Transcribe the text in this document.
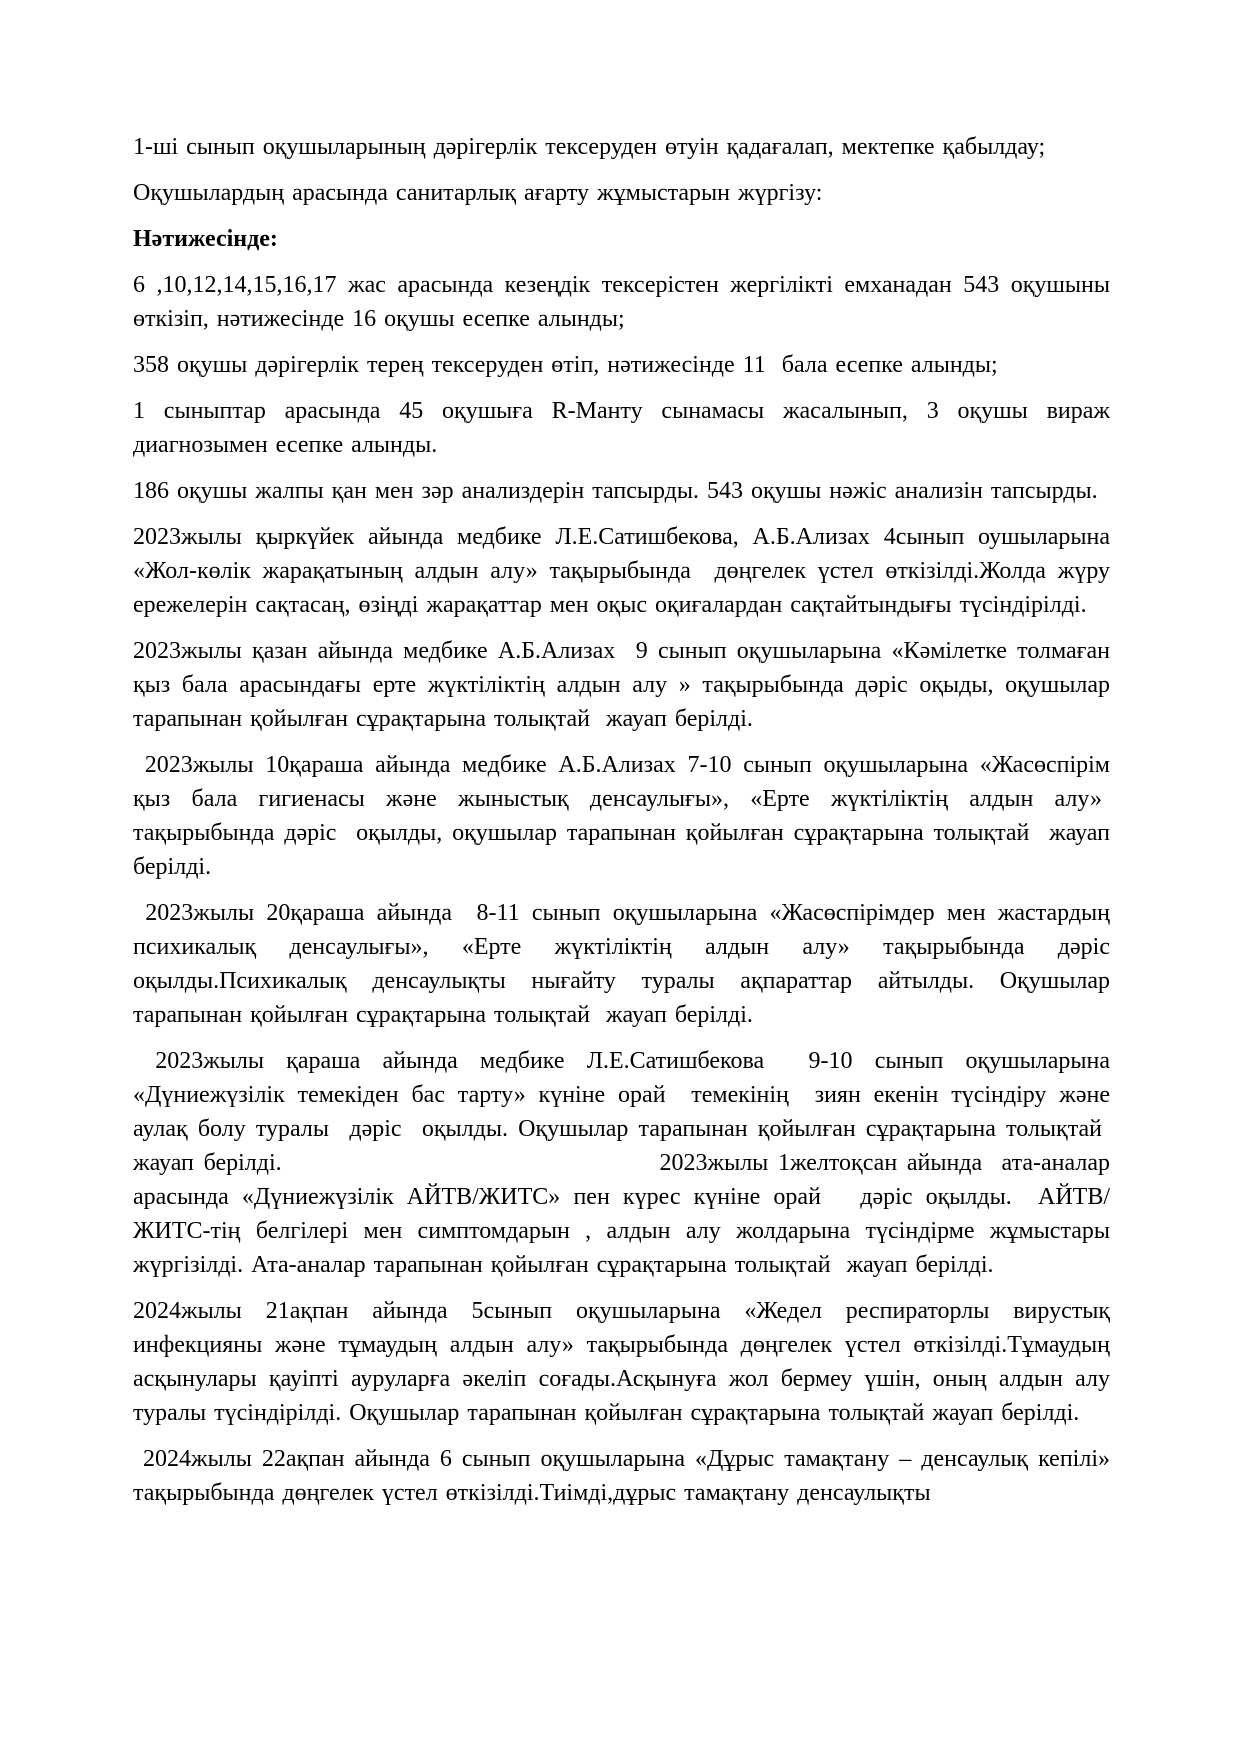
1-ші сынып оқушыларының дәрігерлік тексеруден өтуін қадағалап, мектепке қабылдау;

Оқушылардың арасында санитарлық ағарту жұмыстарын жүргізу:

Нәтижесінде:

6 ,10,12,14,15,16,17 жас арасында кезеңдік тексерістен жергілікті емханадан 543 оқушыны өткізіп, нәтижесінде 16 оқушы есепке алынды;

358 оқушы дәрігерлік терең тексеруден өтіп, нәтижесінде 11  бала есепке алынды;

1 сыныптар арасында 45 оқушыға R-Манту сынамасы жасалынып, 3 оқушы вираж диагнозымен есепке алынды.

186 оқушы жалпы қан мен зәр анализдерін тапсырды. 543 оқушы нәжіс анализін тапсырды.

2023жылы қыркүйек айында медбике Л.Е.Сатишбекова, А.Б.Ализах 4сынып оушыларына «Жол-көлік жарақатының алдын алу» тақырыбында  дөңгелек үстел өткізілді.Жолда жүру ережелерін сақтасаң, өзіңді жарақаттар мен оқыс оқиғалардан сақтайтындығы түсіндірілді.

2023жылы қазан айында медбике А.Б.Ализах  9 сынып оқушыларына «Кәмілетке толмаған қыз бала арасындағы ерте жүктіліктің алдын алу » тақырыбында дәріс оқыды, оқушылар тарапынан қойылған сұрақтарына толықтай  жауап берілді.

2023жылы 10қараша айында медбике А.Б.Ализах 7-10 сынып оқушыларына «Жасөспірім қыз бала гигиенасы және жыныстық денсаулығы», «Ерте жүктіліктің алдын алу»  тақырыбында дәріс  оқылды, оқушылар тарапынан қойылған сұрақтарына толықтай  жауап берілді.

2023жылы 20қараша айында  8-11 сынып оқушыларына «Жасөспірімдер мен жастардың психикалық денсаулығы», «Ерте жүктіліктің алдын алу» тақырыбында дәріс оқылды.Психикалық денсаулықты нығайту туралы ақпараттар айтылды. Оқушылар тарапынан қойылған сұрақтарына толықтай  жауап берілді.

2023жылы қараша айында медбике Л.Е.Сатишбекова  9-10 сынып оқушыларына «Дүниежүзілік темекіден бас тарту» күніне орай  темекінің  зиян екенін түсіндіру және аулақ болу туралы  дәріс  оқылды. Оқушылар тарапынан қойылған сұрақтарына толықтай  жауап берілді.                                       2023жылы 1желтоқсан айында  ата-аналар арасында «Дүниежүзілік АЙТВ/ЖИТС» пен күрес күніне орай   дәріс оқылды.  АЙТВ/ЖИТС-тің белгілері мен симптомдарын , алдын алу жолдарына түсіндірме жұмыстары жүргізілді. Ата-аналар тарапынан қойылған сұрақтарына толықтай  жауап берілді.

2024жылы 21ақпан айында 5сынып оқушыларына «Жедел респираторлы вирустық инфекцияны және тұмаудың алдын алу» тақырыбында дөңгелек үстел өткізілді.Тұмаудың асқынулары қауіпті ауруларға әкеліп соғады.Асқынуға жол бермеу үшін, оның алдын алу туралы түсіндірілді. Оқушылар тарапынан қойылған сұрақтарына толықтай жауап берілді.

2024жылы 22ақпан айында 6 сынып оқушыларына «Дұрыс тамақтану – денсаулық кепілі» тақырыбында дөңгелек үстел өткізілді.Тиімді,дұрыс тамақтану денсаулықты
